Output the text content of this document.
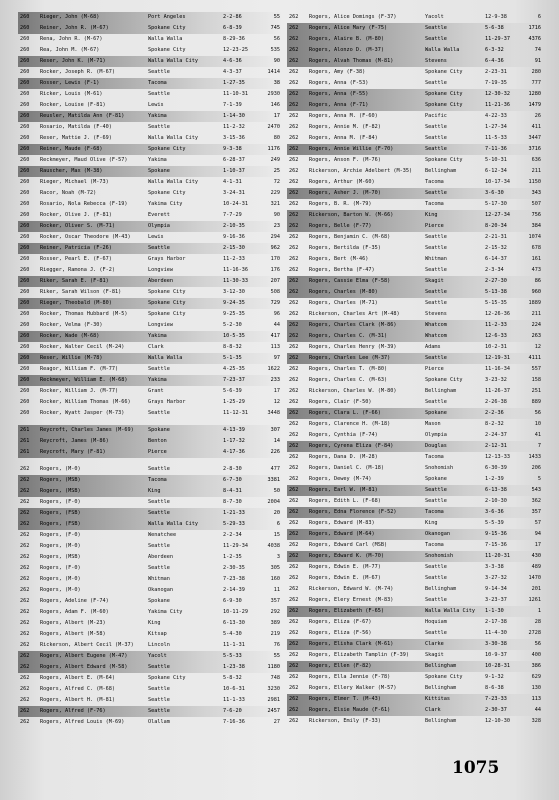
260	Rieger, John (M-68)	Port Angeles	2-2-86	55
260	Reiner, John R. (M-67)	Spokane City	6-8-39	745
260	Rena, John R. (M-67)	Walla Walla	8-29-36	56
260	Rea, John M. (M-67)	Spokane City	12-23-25	535
260	Reser, John K. (M-71)	Walla Walla City	4-6-36	90
260	Rocker, Joseph R. (M-67)	Seattle	4-3-37	1414
260	Rosser, Lewis (F-1)	Tacoma	1-27-35	38
260	Ricker, Louis (M-61)	Seattle	11-10-31	2930
260	Rocker, Louise (F-81)	Lewis	7-1-39	146
260	Reusler, Matilda Ann (F-81)	Yakima	1-14-30	17
260	Rosario, Matilda (F-40)	Seattle	11-2-32	2470
260	Reser, Mattie J. (F-69)	Walla Walla City	3-15-36	80
260	Reiner, Maude (F-68)	Spokane City	9-3-38	1176
260	Reckmeyer, Maud Olive (F-57)	Yakima	6-28-37	249
260	Rauscher, Max (M-38)	Spokane	1-10-37	25
260	Rieger, Michael (M-73)	Walla Walla City	4-1-31	72
260	Racor, Noah (M-72)	Spokane City	3-24-31	229
260	Rosario, Nola Rebecca (F-19)	Yakima City	10-24-31	321
260	Rocker, Olive J. (F-81)	Everett	7-7-29	90
260	Rocker, Oliver S. (M-71)	Olympia	2-10-35	23
260	Rocker, Oscar Theodore (M-43)	Lewis	9-16-36	294
260	Reiner, Patricia (F-26)	Seattle	2-15-30	962
260	Rosser, Pearl E. (F-67)	Grays Harbor	11-2-33	170
260	Riegger, Ramona J. (F-2)	Longview	11-16-36	176
260	Riker, Sarah E. (F-81)	Aberdeen	11-30-33	207
260	Riker, Sarah Wilson (F-81)	Spokane City	3-12-30	508
260	Rieger, Theobald (M-80)	Spokane City	9-24-35	729
260	Rocker, Thomas Hubbard (M-5)	Spokane City	9-25-35	96
260	Rocker, Velma (F-30)	Longview	5-2-30	44
260	Rocker, Wade (M-68)	Yakima	10-5-35	417
260	Rocker, Walter Cecil (M-24)	Clark	8-8-32	113
260	Reser, Willie (M-78)	Walla Walla	5-1-35	97
260	Reagor, William F. (M-77)	Seattle	4-25-35	1622
260	Reckmeyer, William E. (M-68)	Yakima	7-23-37	233
260	Rocker, William J. (M-77)	Grant	5-6-39	17
260	Rocker, William Thomas (M-66)	Grays Harbor	1-25-29	12
260	Rocker, Wyatt Jasper (M-73)	Seattle	11-12-31	3448
261	Reycroft, Charles James (M-69)	Spokane	4-13-39	307
261	Reycroft, James (M-86)	Benton	1-17-32	14
261	Reycroft, Mary (F-81)	Pierce	4-17-36	226
262	Rogers, (M-0)	Seattle	2-8-30	477
262	Rogers, (MSB)	Tacoma	6-7-30	3381
262	Rogers, (MSB)	King	8-4-31	50
262	Rogers, (F-0)	Seattle	8-7-30	2004
262	Rogers, (FSB)	Seattle	1-21-33	20
262	Rogers, (FSB)	Walla Walla City	5-29-33	6
262	Rogers, (F-0)	Wenatchee	2-2-34	15
262	Rogers, (M-0)	Seattle	11-29-34	4038
262	Rogers, (MSB)	Aberdeen	1-2-35	3
262	Rogers, (F-0)	Seattle	2-30-35	305
262	Rogers, (M-0)	Whitman	7-23-38	160
262	Rogers, (M-0)	Okanogan	2-14-39	11
262	Rogers, Adeline (F-74)	Spokane	6-9-30	357
262	Rogers, Adam F. (M-60)	Yakima City	10-11-29	292
262	Rogers, Albert (M-23)	King	6-13-30	389
262	Rogers, Albert (M-58)	Kitsap	5-4-30	219
262	Rickerson, Albert Cecil (M-37)	Lincoln	11-1-31	76
262	Rogers, Albert Eugene (M-47)	Yacolt	5-5-33	55
262	Rogers, Albert Edward (M-58)	Seattle	1-23-38	1180
262	Rogers, Albert E. (M-64)	Spokane City	5-8-32	748
262	Rogers, Alfred C. (M-68)	Seattle	10-6-31	3230
262	Rogers, Albert H. (M-81)	Seattle	11-1-33	2981
262	Rogers, Alfred (F-76)	Seattle	7-6-20	2457
262	Rogers, Alfred Louis (M-69)	Olallam	7-16-36	27
262	Rogers, Alice Domings (F-37)	Yacolt	12-9-38	6
262	Rogers, Alice Mary (F-75)	Seattle	5-6-38	1716
262	Rogers, Alaire B. (M-80)	Seattle	11-29-37	4376
262	Rogers, Alonzo D. (M-37)	Walla Walla	6-3-32	74
262	Rogers, Alvah Thomas (M-81)	Stevens	6-4-36	91
262	Rogers, Amy (F-38)	Spokane City	2-23-31	280
262	Rogers, Anna (F-53)	Seattle	7-19-35	777
262	Rogers, Anna (F-55)	Spokane City	12-30-32	1280
262	Rogers, Anna (F-71)	Spokane City	11-21-36	1479
262	Rogers, Anna M. (F-60)	Pacific	4-22-33	26
262	Rogers, Annie M. (F-82)	Seattle	1-27-34	411
262	Rogers, Anna M. (F-84)	Seattle	11-5-33	3447
262	Rogers, Annie Willie (F-70)	Seattle	7-11-36	3716
262	Rogers, Anson F. (M-76)	Spokane City	5-10-31	636
262	Rickerson, Archie Adelbert (M-35)	Bellingham	6-12-34	211
262	Rogers, Arthur (M-60)	Tacoma	10-17-34	1150
262	Rogers, Asher J. (M-70)	Seattle	3-6-30	343
262	Rogers, B. R. (M-79)	Tacoma	5-17-30	507
262	Rickerson, Barton W. (M-66)	King	12-27-34	756
262	Rogers, Belle (F-77)	Pierce	8-20-34	384
262	Rogers, Benjamin C. (M-68)	Seattle	2-21-31	1074
262	Rogers, Bertilda (F-35)	Seattle	2-15-32	678
262	Rogers, Bert (M-46)	Whitman	6-14-37	161
262	Rogers, Bertha (F-47)	Seattle	2-3-34	473
262	Rogers, Cassie Elma (F-58)	Skagit	2-27-30	86
262	Rogers, Charles (M-80)	Seattle	5-13-38	960
262	Rogers, Charles (M-71)	Seattle	5-15-35	1889
262	Rickerson, Charles Art (M-48)	Stevens	12-26-36	211
262	Rogers, Charles Clark (M-86)	Whatcom	11-2-33	224
262	Rogers, Charles C. (M-31)	Whatcom	12-6-33	263
262	Rogers, Charles Henry (M-39)	Adams	10-2-31	12
262	Rogers, Charles Lee (M-37)	Seattle	12-19-31	4111
262	Rogers, Charles T. (M-80)	Pierce	11-16-34	557
262	Rogers, Charles C. (M-63)	Spokane City	3-23-32	158
262	Rickerson, Charles W. (M-80)	Bellingham	11-26-37	251
262	Rogers, Clair (F-50)	Seattle	2-26-38	889
262	Rogers, Clara L. (F-66)	Spokane	2-2-36	56
262	Rogers, Clarence H. (M-18)	Mason	8-2-32	10
262	Rogers, Cynthia (F-74)	Olympia	2-24-37	41
262	Rogers, Cyrena Eliza (F-84)	Douglas	2-12-31	7
262	Rogers, Dana D. (M-28)	Tacoma	12-13-33	1433
262	Rogers, Daniel C. (M-18)	Snohomish	6-30-39	206
262	Rogers, Dewey (M-74)	Spokane	1-2-39	5
262	Rogers, Earl W. (M-81)	Seattle	6-13-38	543
262	Rogers, Edith L. (F-68)	Seattle	2-10-30	362
262	Rogers, Edna Florence (F-52)	Tacoma	3-6-36	357
262	Rogers, Edward (M-83)	King	5-5-39	57
262	Rogers, Edward (M-64)	Okanogan	9-15-36	94
262	Rogers, Edward Carl (MSB)	Tacoma	7-15-36	17
262	Rogers, Edward K. (M-70)	Snohomish	11-20-31	430
262	Rogers, Edwin E. (M-77)	Seattle	3-3-38	489
262	Rogers, Edwin E. (M-67)	Seattle	3-27-32	1470
262	Rickerson, Edward W. (M-74)	Bellingham	9-14-34	201
262	Rogers, Elery Ernest (M-83)	Seattle	3-23-37	1261
262	Rogers, Elizabeth (F-65)	Walla Walla City	1-1-30	1
262	Rogers, Eliza (F-67)	Hoquiam	2-17-38	28
262	Rogers, Eliza (F-56)	Seattle	11-4-30	2728
262	Rogers, Elisha Clark (M-61)	Clarke	3-30-38	56
262	Rogers, Elizabeth Tamplin (F-39)	Skagit	10-9-37	400
262	Rogers, Ellen (F-82)	Bellingham	10-28-31	386
262	Rogers, Ella Jennie (F-78)	Spokane City	9-1-32	629
262	Rogers, Ellery Walker (M-57)	Bellingham	8-6-38	130
262	Rogers, Elmer T. (M-43)	Kittitas	7-23-33	113
262	Rogers, Elsie Maude (F-61)	Clark	2-30-37	44
262	Rickerson, Emily (F-33)	Bellingham	12-10-30	328
1075
